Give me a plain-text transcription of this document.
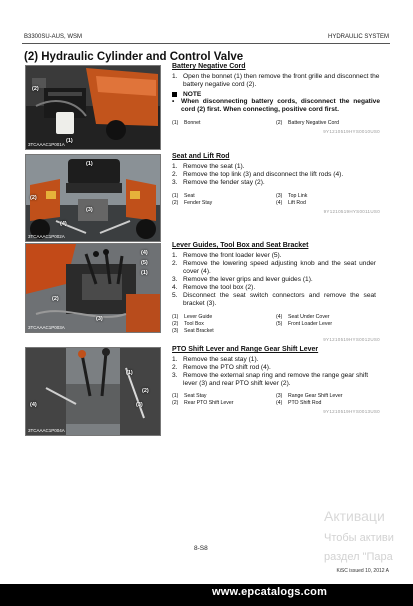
B3300SU-AUS, WSM	HYDRAULIC SYSTEM
(2) Hydraulic Cylinder and Control Valve
(2)
(1)
3TCAAAC1P001A
Battery Negative Cord
1. Open the bonnet (1) then remove the front grille and disconnect the battery negative cord (2).
NOTE
•	When disconnecting battery cords, disconnect the negative cord (2) first. When connecting, positive cord first.
(1)	Bonnet	(2)	Battery Negative Cord
9Y1210519HYS0010US0
(1)
(2)
(3)
(4)
3TCAAAC1P002A
Seat and Lift Rod
1. Remove the seat (1).
2. Remove the top link (3) and disconnect the lift rods (4).
3. Remove the fender stay (2).
(1)	Seat	(3)	Top Link
(2)	Fender Stay	(4)	Lift Rod
9Y1210519HYS0011US0
(4)
(5)
(1)
(2)
(3)
3TCAAAC1P003A
Lever Guides, Tool Box and Seat Bracket
1. Remove the front loader lever (5).
2. Remove the lowering speed adjusting knob and the seat under cover (4).
3. Remove the lever grips and lever guides (1).
4. Remove the tool box (2).
5. Disconnect the seat switch connectors and remove the seat bracket (3).
(1)	Lever Guide	(4)	Seat Under Cover
(2)	Tool Box	(5)	Front Loader Lever
(3)	Seat Bracket
9Y1210519HYS0012US0
(1)
(2)
(3)
(4)
3TCAAAC1P004A
PTO Shift Lever and Range Gear Shift Lever
1. Remove the seat stay (1).
2. Remove the PTO shift rod (4).
3. Remove the external snap ring and remove the range gear shift lever (3) and rear PTO shift lever (2).
(1)	Seat Stay	(3)	Range Gear Shift Lever
(2)	Rear PTO Shift Lever	(4)	PTO Shift Rod
9Y1210519HYS0013US0
Активаци
Чтобы активи
раздел "Пара
8-S8
KiSC issued 10, 2012 A
www.epcatalogs.com
